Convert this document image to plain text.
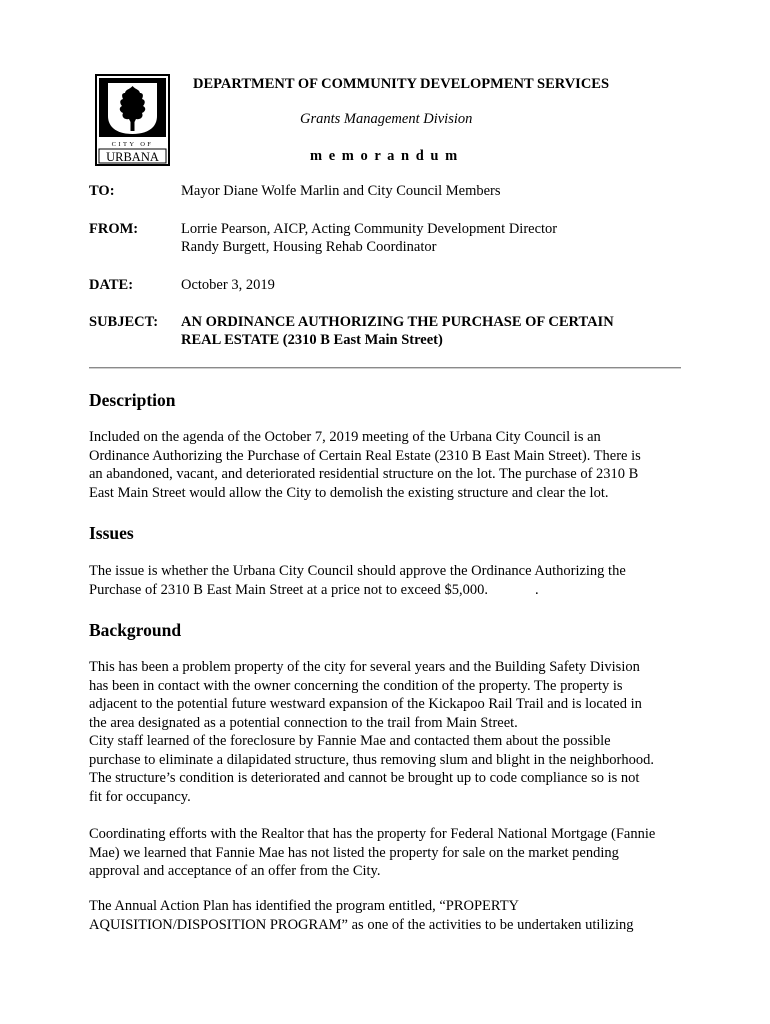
CITY OF
URBANA
DEPARTMENT OF COMMUNITY DEVELOPMENT SERVICES
Grants Management Division
m e m o r a n d u m
TO:	Mayor Diane Wolfe Marlin and City Council Members
FROM:	Lorrie Pearson, AICP, Acting Community Development Director
Randy Burgett, Housing Rehab Coordinator
DATE:	October 3, 2019
SUBJECT: AN ORDINANCE AUTHORIZING THE PURCHASE OF CERTAIN
REAL ESTATE (2310 B East Main Street)
Description
Included on the agenda of the October 7, 2019 meeting of the Urbana City Council is an
Ordinance Authorizing the Purchase of Certain Real Estate (2310 B East Main Street). There is
an abandoned, vacant, and deteriorated residential structure on the lot. The purchase of 2310 B
East Main Street would allow the City to demolish the existing structure and clear the lot.
Issues
The issue is whether the Urbana City Council should approve the Ordinance Authorizing the
Purchase of 2310 B East Main Street at a price not to exceed $5,000.	.
Background
This has been a problem property of the city for several years and the Building Safety Division
has been in contact with the owner concerning the condition of the property. The property is
adjacent to the potential future westward expansion of the Kickapoo Rail Trail and is located in
the area designated as a potential connection to the trail from Main Street.
City staff learned of the foreclosure by Fannie Mae and contacted them about the possible
purchase to eliminate a dilapidated structure, thus removing slum and blight in the neighborhood.
The structure’s condition is deteriorated and cannot be brought up to code compliance so is not
fit for occupancy.
Coordinating efforts with the Realtor that has the property for Federal National Mortgage (Fannie
Mae) we learned that Fannie Mae has not listed the property for sale on the market pending
approval and acceptance of an offer from the City.
The Annual Action Plan has identified the program entitled, “PROPERTY
AQUISITION/DISPOSITION PROGRAM” as one of the activities to be undertaken utilizing
